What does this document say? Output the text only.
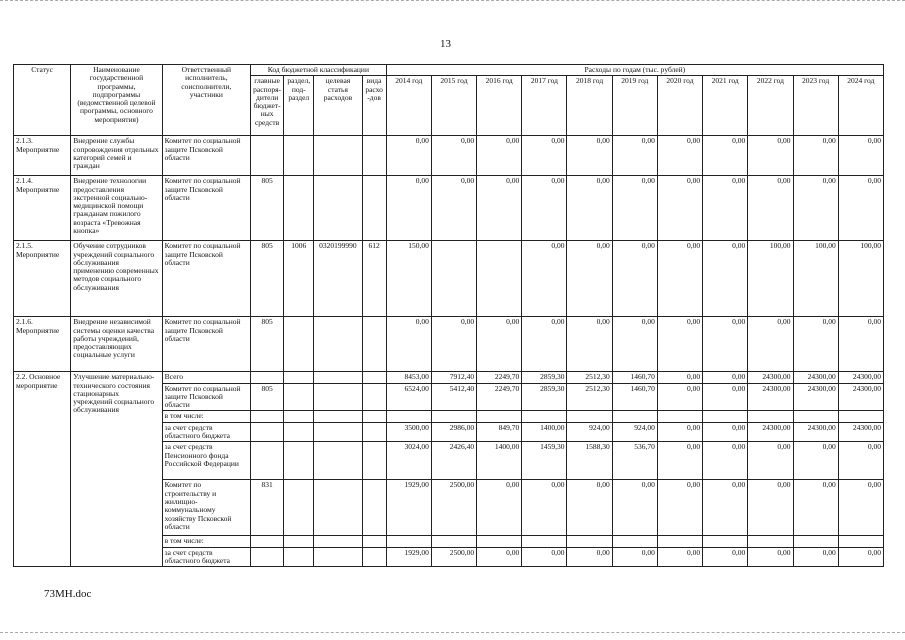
13
Статус	Наименование государственной программы, подпрограммы (ведомственной целевой программы, основного мероприятия)	Ответственный исполнитель, соисполнители, участники	Код бюджетной классификации				Расходы по годам (тыс. рублей)										
			главные распоря-дители бюджет-ных средств	раздел, под-раздел	целевая статья расходов	вида расхо-дов	2014 год	2015 год	2016 год	2017 год	2018 год	2019 год	2020 год	2021 год	2022 год	2023 год	2024 год
2.1.3. Мероприятие	Внедрение службы сопровождения отдельных категорий семей и граждан	Комитет по социальной защите Псковской области					0,00	0,00	0,00	0,00	0,00	0,00	0,00	0,00	0,00	0,00	0,00
2.1.4. Мероприятие	Внедрение технологии предоставления экстренной социально-медицинской помощи гражданам пожилого возраста «Тревожная кнопка»	Комитет по социальной защите Псковской области	805				0,00	0,00	0,00	0,00	0,00	0,00	0,00	0,00	0,00	0,00	0,00
2.1.5. Мероприятие	Обучение сотрудников учреждений социального обслуживания применению современных методов социального обслуживания	Комитет по социальной защите Псковской области	805	1006	0320199990	612	150,00			0,00	0,00	0,00	0,00	0,00	100,00	100,00	100,00
2.1.6. Мероприятие	Внедрение независимой системы оценки качества работы учреждений, предоставляющих социальные услуги	Комитет по социальной защите Псковской области	805				0,00	0,00	0,00	0,00	0,00	0,00	0,00	0,00	0,00	0,00	0,00
2.2. Основное мероприятие	Улучшение материально-технического состояния стационарных учреждений социального обслуживания	Всего					8453,00	7912,40	2249,70	2859,30	2512,30	1460,70	0,00	0,00	24300,00	24300,00	24300,00
		Комитет по социальной защите Псковской области	805				6524,00	5412,40	2249,70	2859,30	2512,30	1460,70	0,00	0,00	24300,00	24300,00	24300,00
		в том числе:															
		за счет средств областного бюджета					3500,00	2986,00	849,70	1400,00	924,00	924,00	0,00	0,00	24300,00	24300,00	24300,00
		за счет средств Пенсионного фонда Российской Федерации					3024,00	2426,40	1400,00	1459,30	1588,30	536,70	0,00	0,00	0,00	0,00	0,00
		Комитет по строительству и жилищно-коммунальному хозяйству Псковской области	831				1929,00	2500,00	0,00	0,00	0,00	0,00	0,00	0,00	0,00	0,00	0,00
		в том числе:															
		за счет средств областного бюджета					1929,00	2500,00	0,00	0,00	0,00	0,00	0,00	0,00	0,00	0,00	0,00
73МН.doc
